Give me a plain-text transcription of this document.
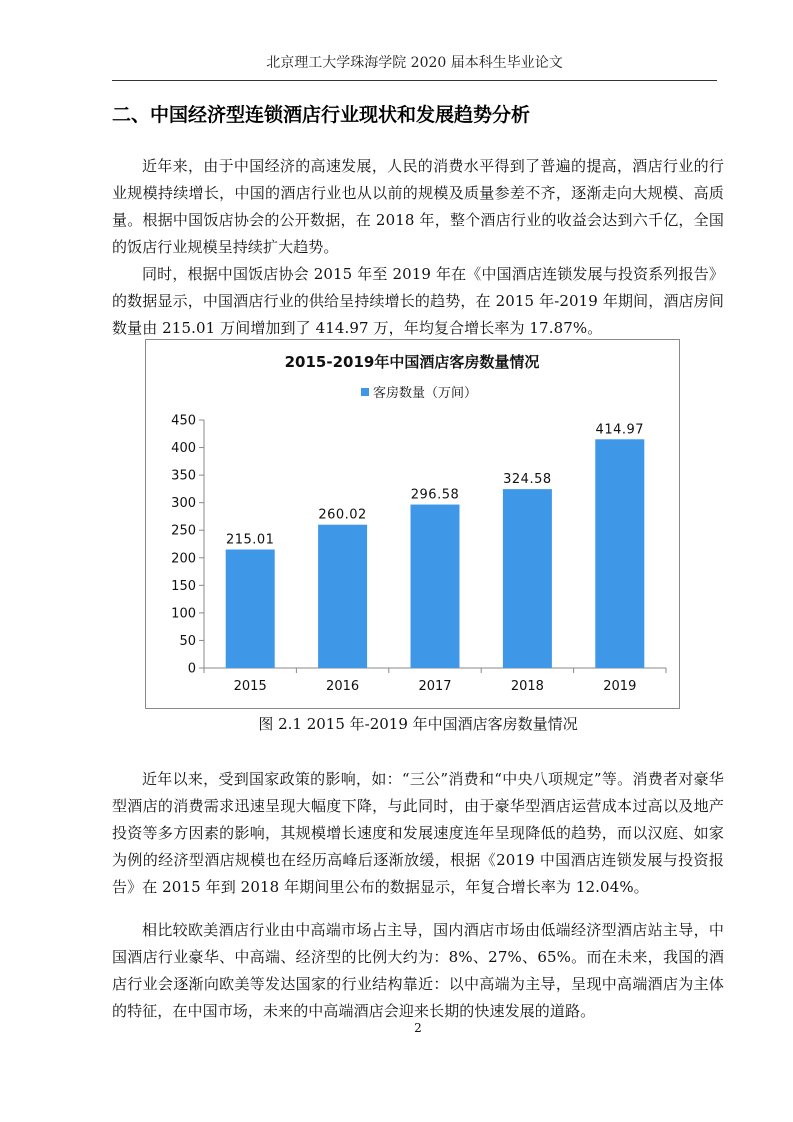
北京理工大学珠海学院 2020 届本科生毕业论文
二、中国经济型连锁酒店行业现状和发展趋势分析

近年来，由于中国经济的高速发展，人民的消费水平得到了普遍的提高，酒店行业的行业规模持续增长，中国的酒店行业也从以前的规模及质量参差不齐，逐渐走向大规模、高质量。根据中国饭店协会的公开数据，在 2018 年，整个酒店行业的收益会达到六千亿，全国的饭店行业规模呈持续扩大趋势。

同时，根据中国饭店协会 2015 年至 2019 年在《中国酒店连锁发展与投资系列报告》的数据显示，中国酒店行业的供给呈持续增长的趋势，在 2015 年-2019 年期间，酒店房间数量由 215.01 万间增加到了 414.97 万，年均复合增长率为 17.87%。

2015-2019年中国酒店客房数量情况
客房数量（万间）
0
50
100
150
200
250
300
350
400
450
215.01
2015
260.02
2016
296.58
2017
324.58
2018
414.97
2019
图 2.1 2015 年-2019 年中国酒店客房数量情况

近年以来，受到国家政策的影响，如：“三公”消费和“中央八项规定”等。消费者对豪华型酒店的消费需求迅速呈现大幅度下降，与此同时，由于豪华型酒店运营成本过高以及地产投资等多方因素的影响，其规模增长速度和发展速度连年呈现降低的趋势，而以汉庭、如家为例的经济型酒店规模也在经历高峰后逐渐放缓，根据《2019 中国酒店连锁发展与投资报告》在 2015 年到 2018 年期间里公布的数据显示，年复合增长率为 12.04%。

相比较欧美酒店行业由中高端市场占主导，国内酒店市场由低端经济型酒店站主导，中国酒店行业豪华、中高端、经济型的比例大约为：8%、27%、65%。而在未来，我国的酒店行业会逐渐向欧美等发达国家的行业结构靠近：以中高端为主导，呈现中高端酒店为主体的特征，在中国市场，未来的中高端酒店会迎来长期的快速发展的道路。

2
